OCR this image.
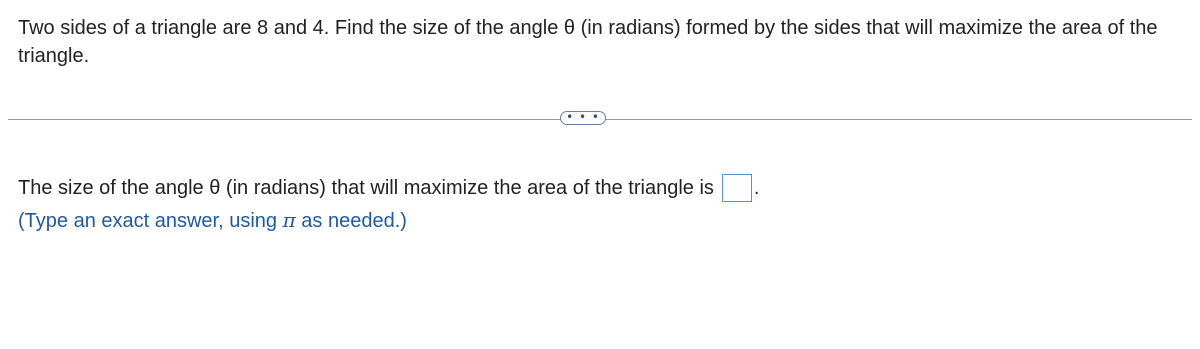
Two sides of a triangle are 8 and 4. Find the size of the angle θ (in radians) formed by the sides that will maximize the area of the triangle.
• • •
The size of the angle θ (in radians) that will maximize the area of the triangle is .
(Type an exact answer, using π as needed.)
